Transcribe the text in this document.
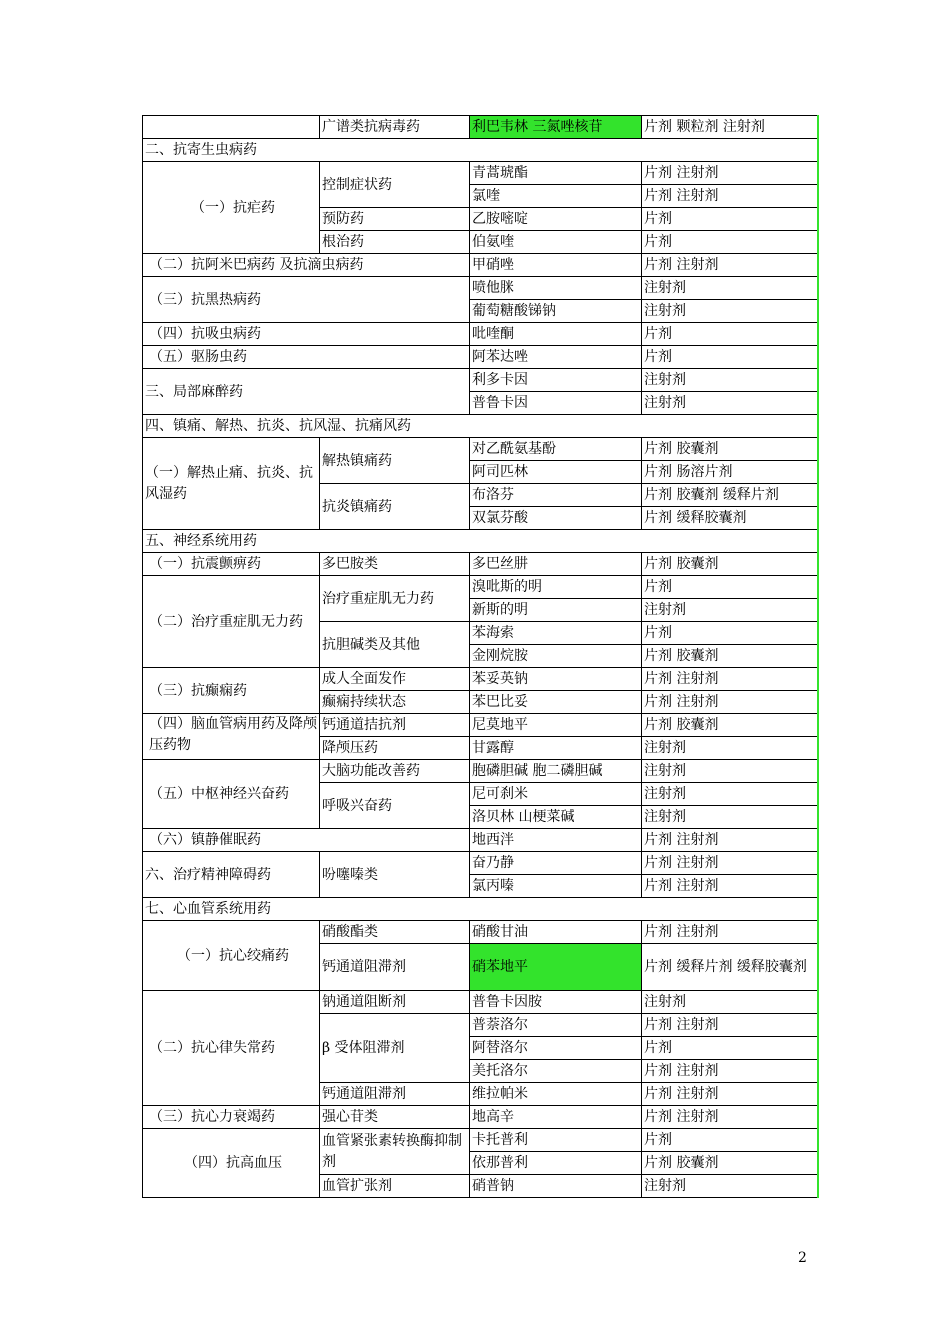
	广谱类抗病毒药	利巴韦林 三氮唑核苷	片剂 颗粒剂 注射剂
二、抗寄生虫病药			
（一）抗疟药	控制症状药	青蒿琥酯	片剂 注射剂
		氯喹	片剂 注射剂
	预防药	乙胺嘧啶	片剂
	根治药	伯氨喹	片剂
（二）抗阿米巴病药 及抗滴虫病药		甲硝唑	片剂 注射剂
（三）抗黑热病药		喷他脒	注射剂
		葡萄糖酸锑钠	注射剂
（四）抗吸虫病药		吡喹酮	片剂
（五）驱肠虫药		阿苯达唑	片剂
三、局部麻醉药		利多卡因	注射剂
		普鲁卡因	注射剂
四、镇痛、解热、抗炎、抗风湿、抗痛风药			
（一）解热止痛、抗炎、抗风湿药	解热镇痛药	对乙酰氨基酚	片剂 胶囊剂
		阿司匹林	片剂 肠溶片剂
	抗炎镇痛药	布洛芬	片剂 胶囊剂 缓释片剂
		双氯芬酸	片剂 缓释胶囊剂
五、神经系统用药			
（一）抗震颤痹药	多巴胺类	多巴丝肼	片剂 胶囊剂
（二）治疗重症肌无力药	治疗重症肌无力药	溴吡斯的明	片剂
		新斯的明	注射剂
	抗胆碱类及其他	苯海索	片剂
		金刚烷胺	片剂 胶囊剂
（三）抗癫痫药	成人全面发作	苯妥英钠	片剂 注射剂
	癫痫持续状态	苯巴比妥	片剂 注射剂
（四）脑血管病用药及降颅压药物	钙通道拮抗剂	尼莫地平	片剂 胶囊剂
	降颅压药	甘露醇	注射剂
（五）中枢神经兴奋药	大脑功能改善药	胞磷胆碱 胞二磷胆碱	注射剂
	呼吸兴奋药	尼可刹米	注射剂
		洛贝林 山梗菜碱	注射剂
（六）镇静催眠药		地西泮	片剂 注射剂
六、治疗精神障碍药	吩噻嗪类	奋乃静	片剂 注射剂
		氯丙嗪	片剂 注射剂
七、心血管系统用药			
（一）抗心绞痛药	硝酸酯类	硝酸甘油	片剂 注射剂
	钙通道阻滞剂	硝苯地平	片剂 缓释片剂 缓释胶囊剂
（二）抗心律失常药	钠通道阻断剂	普鲁卡因胺	注射剂
	β 受体阻滞剂	普萘洛尔	片剂 注射剂
		阿替洛尔	片剂
		美托洛尔	片剂 注射剂
	钙通道阻滞剂	维拉帕米	片剂 注射剂
（三）抗心力衰竭药	强心苷类	地高辛	片剂 注射剂
（四）抗高血压	血管紧张素转换酶抑制剂	卡托普利	片剂
		依那普利	片剂 胶囊剂
	血管扩张剂	硝普钠	注射剂
2
